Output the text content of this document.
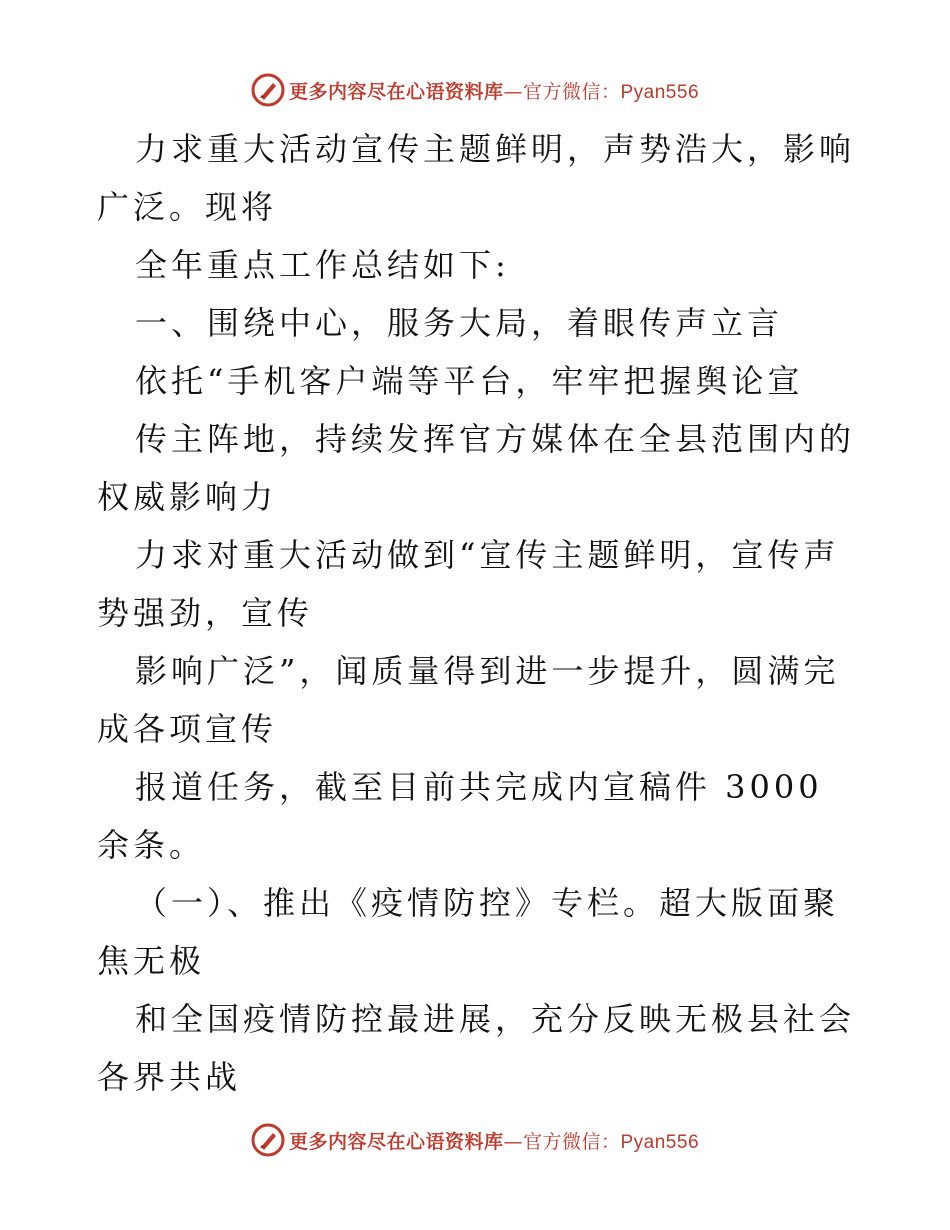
更多内容尽在心语资料库—官方微信：Pyan556

力求重大活动宣传主题鲜明，声势浩大，影响广泛。现将

全年重点工作总结如下:

一、围绕中心，服务大局，着眼传声立言

依托“手机客户端等平台，牢牢把握舆论宣

传主阵地，持续发挥官方媒体在全县范围内的权威影响力

力求对重大活动做到“宣传主题鲜明，宣传声势强劲，宣传

影响广泛”，闻质量得到进一步提升，圆满完成各项宣传

报道任务，截至目前共完成内宣稿件 3000 余条。

（一）、推出《疫情防控》专栏。超大版面聚焦无极

和全国疫情防控最进展，充分反映无极县社会各界共战

更多内容尽在心语资料库—官方微信：Pyan556
